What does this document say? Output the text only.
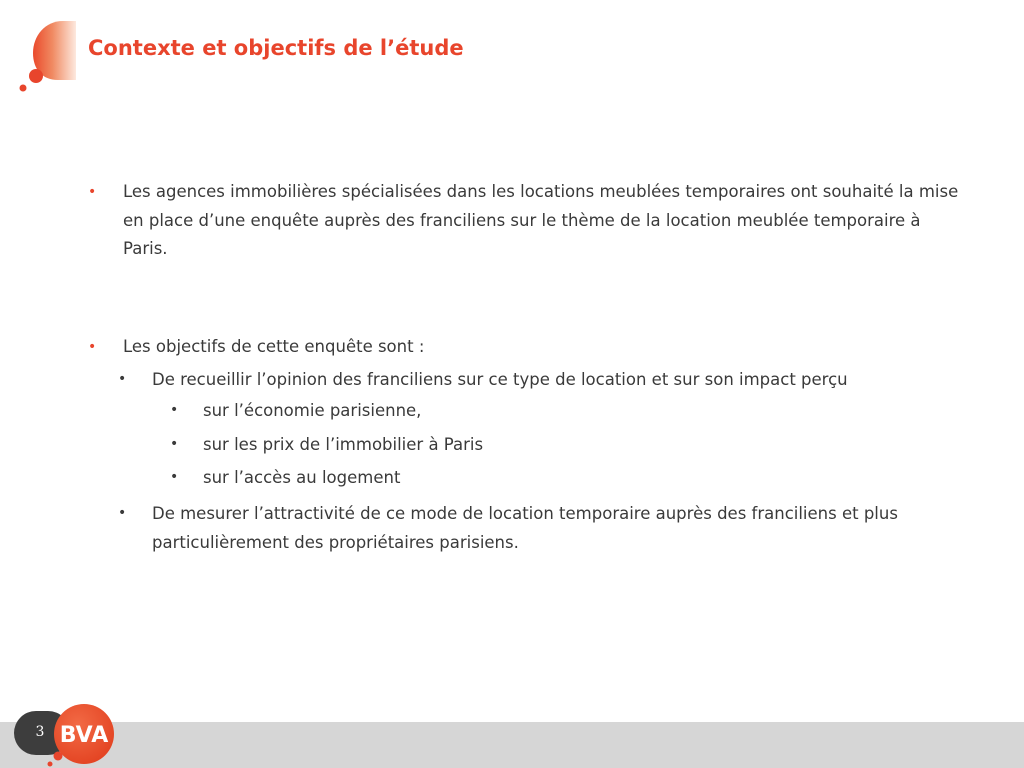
Contexte et objectifs de l’étude
• Les agences immobilières spécialisées dans les locations meublées temporaires ont souhaité la mise en place d’une enquête auprès des franciliens sur le thème de la location meublée temporaire à Paris.
• Les objectifs de cette enquête sont :
• De recueillir l’opinion des franciliens sur ce type de location et sur son impact perçu
• sur l’économie parisienne,
• sur les prix de l’immobilier à Paris
• sur l’accès au logement
• De mesurer l’attractivité de ce mode de location temporaire auprès des franciliens et plus particulièrement des propriétaires parisiens.
3 BVA
